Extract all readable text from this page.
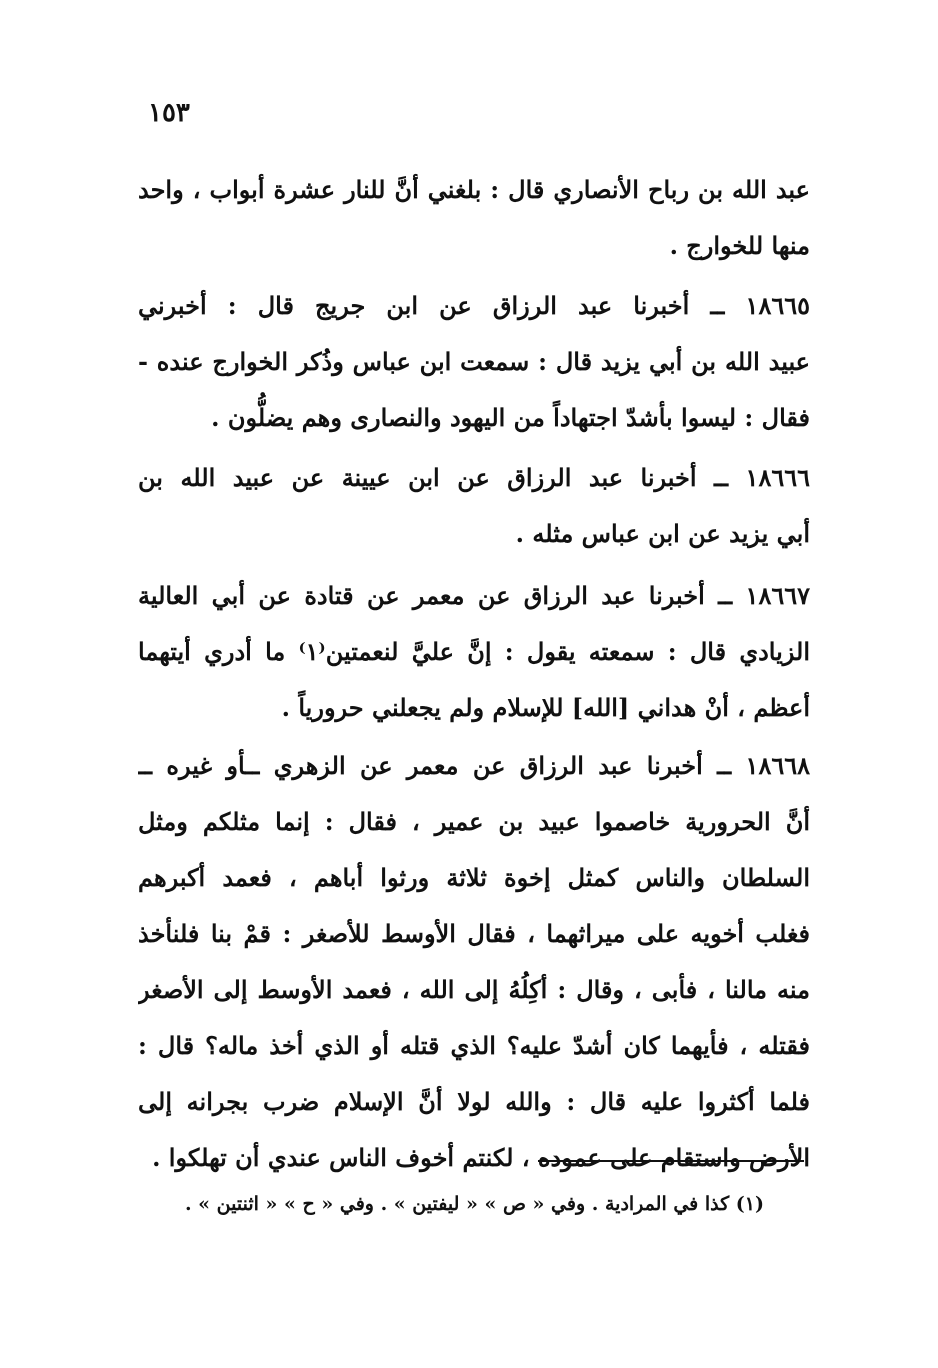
١٥٣
عبد الله بن رباح الأنصاري قال : بلغني أنَّ للنار عشرة أبواب ، واحد
منها للخوارج .
١٨٦٦٥ ــ أخبرنا عبد الرزاق عن ابن جريج قال : أخبرني
عبيد الله بن أبي يزيد قال : سمعت ابن عباس وذُكر الخوارج عنده -
فقال : ليسوا بأشدّ اجتهاداً من اليهود والنصارى وهم يضلُّون .
١٨٦٦٦ ــ أخبرنا عبد الرزاق عن ابن عيينة عن عبيد الله بن
أبي يزيد عن ابن عباس مثله .
١٨٦٦٧ ــ أخبرنا عبد الرزاق عن معمر عن قتادة عن أبي العالية
الزيادي قال : سمعته يقول : إنَّ عليَّ لنعمتين⁽١⁾ ما أدري أيتهما
أعظم ، أنْ هداني [الله] للإسلام ولم يجعلني حرورياً .
١٨٦٦٨ ــ أخبرنا عبد الرزاق عن معمر عن الزهري ــأو غيره ــ
أنَّ الحرورية خاصموا عبيد بن عمير ، فقال : إنما مثلكم ومثل
السلطان والناس كمثل إخوة ثلاثة ورثوا أباهم ، فعمد أكبرهم
فغلب أخويه على ميراثهما ، فقال الأوسط للأصغر : قمْ بنا فلنأخذ
منه مالنا ، فأبى ، وقال : أكِلُهُ إلى الله ، فعمد الأوسط إلى الأصغر
فقتله ، فأيهما كان أشدّ عليه؟ الذي قتله أو الذي أخذ ماله؟ قال :
فلما أكثروا عليه قال : والله لولا أنَّ الإسلام ضرب بجرانه إلى
الأرض واستقام على عموده ، لكنتم أخوف الناس عندي أن تهلكوا .
(١) كذا في المرادية . وفي « ص » « ليفتين » . وفي « ح » « اثنتين » .
